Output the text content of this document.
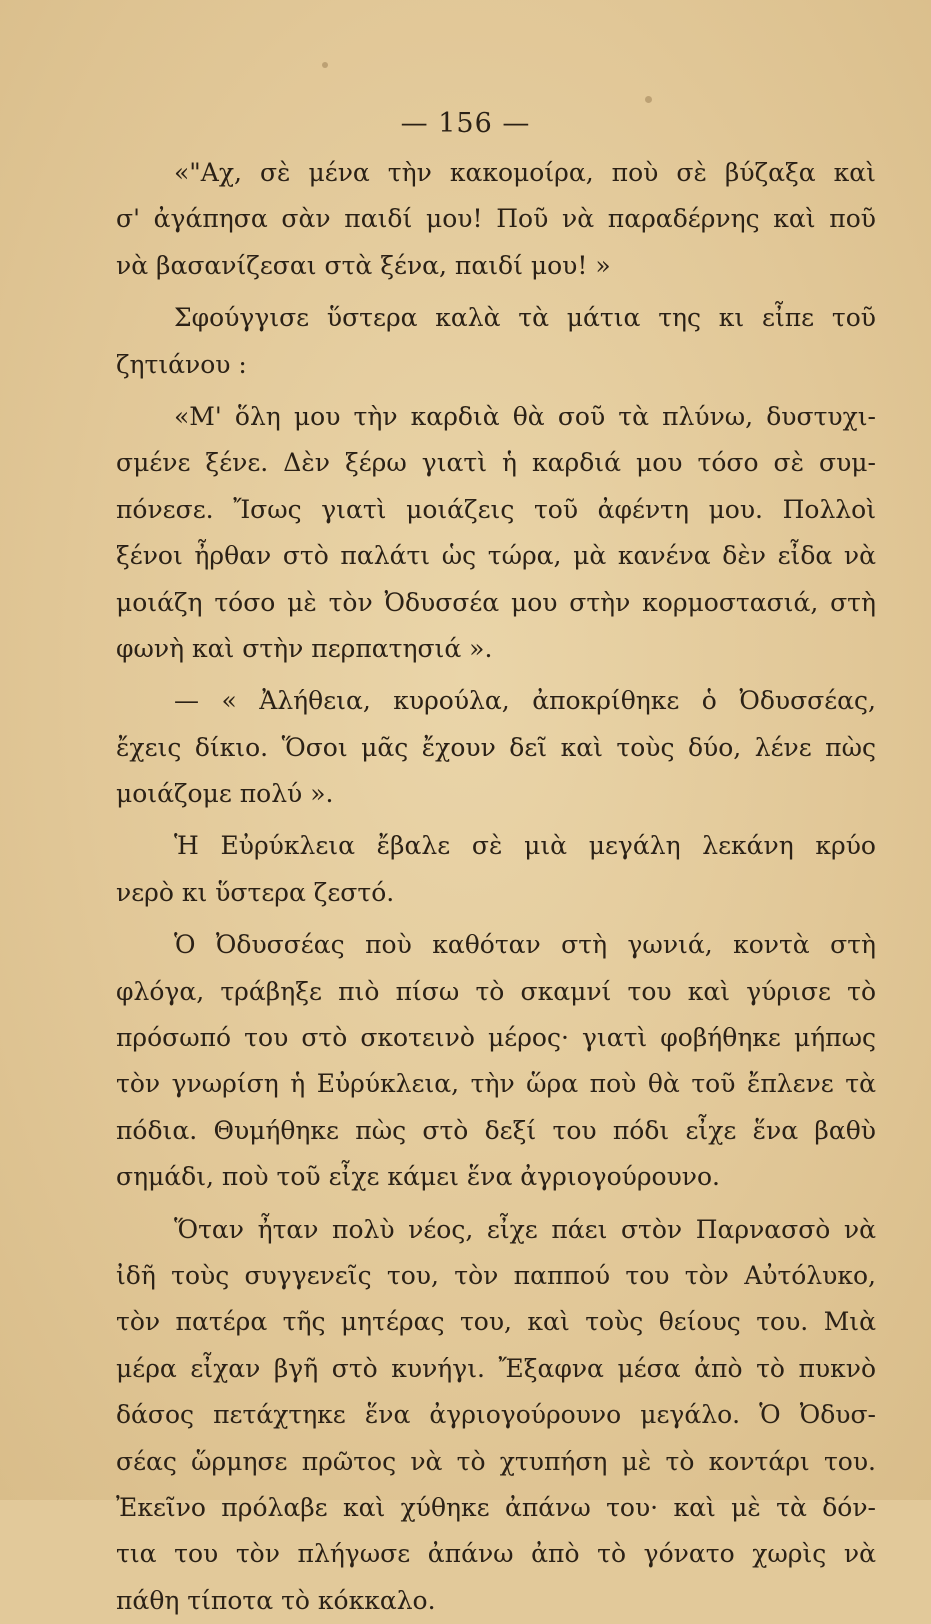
— 156 —
«"Αχ, σὲ μένα τὴν κακομοίρα, ποὺ σὲ βύζαξα καὶ
σ' ἀγάπησα σὰν παιδί μου! Ποῦ νὰ παραδέρνης καὶ ποῦ
νὰ βασανίζεσαι στὰ ξένα, παιδί μου! »
Σφούγγισε ὕστερα καλὰ τὰ μάτια της κι εἶπε τοῦ
ζητιάνου :
«Μ' ὅλη μου τὴν καρδιὰ θὰ σοῦ τὰ πλύνω, δυστυχι-
σμένε ξένε. Δὲν ξέρω γιατὶ ἡ καρδιά μου τόσο σὲ συμ-
πόνεσε. Ἴσως γιατὶ μοιάζεις τοῦ ἀφέντη μου. Πολλοὶ
ξένοι ἦρθαν στὸ παλάτι ὡς τώρα, μὰ κανένα δὲν εἶδα νὰ
μοιάζη τόσο μὲ τὸν Ὀδυσσέα μου στὴν κορμοστασιά, στὴ
φωνὴ καὶ στὴν περπατησιά ».
— « Ἀλήθεια, κυρούλα, ἀποκρίθηκε ὁ Ὀδυσσέας,
ἔχεις δίκιο. Ὅσοι μᾶς ἔχουν δεῖ καὶ τοὺς δύο, λένε πὼς
μοιάζομε πολύ ».
Ἡ Εὐρύκλεια ἔβαλε σὲ μιὰ μεγάλη λεκάνη κρύο
νερὸ κι ὕστερα ζεστό.
Ὁ Ὀδυσσέας ποὺ καθόταν στὴ γωνιά, κοντὰ στὴ
φλόγα, τράβηξε πιὸ πίσω τὸ σκαμνί του καὶ γύρισε τὸ
πρόσωπό του στὸ σκοτεινὸ μέρος· γιατὶ φοβήθηκε μήπως
τὸν γνωρίση ἡ Εὐρύκλεια, τὴν ὥρα ποὺ θὰ τοῦ ἔπλενε τὰ
πόδια. Θυμήθηκε πὼς στὸ δεξί του πόδι εἶχε ἕνα βαθὺ
σημάδι, ποὺ τοῦ εἶχε κάμει ἕνα ἀγριογούρουνο.
Ὅταν ἦταν πολὺ νέος, εἶχε πάει στὸν Παρνασσὸ νὰ
ἰδῆ τοὺς συγγενεῖς του, τὸν παππού του τὸν Αὐτόλυκο,
τὸν πατέρα τῆς μητέρας του, καὶ τοὺς θείους του. Μιὰ
μέρα εἶχαν βγῆ στὸ κυνήγι. Ἔξαφνα μέσα ἀπὸ τὸ πυκνὸ
δάσος πετάχτηκε ἕνα ἀγριογούρουνο μεγάλο. Ὁ Ὀδυσ-
σέας ὥρμησε πρῶτος νὰ τὸ χτυπήση μὲ τὸ κοντάρι του.
Ἐκεῖνο πρόλαβε καὶ χύθηκε ἀπάνω του· καὶ μὲ τὰ δόν-
τια του τὸν πλήγωσε ἀπάνω ἀπὸ τὸ γόνατο χωρὶς νὰ
πάθη τίποτα τὸ κόκκαλο.
